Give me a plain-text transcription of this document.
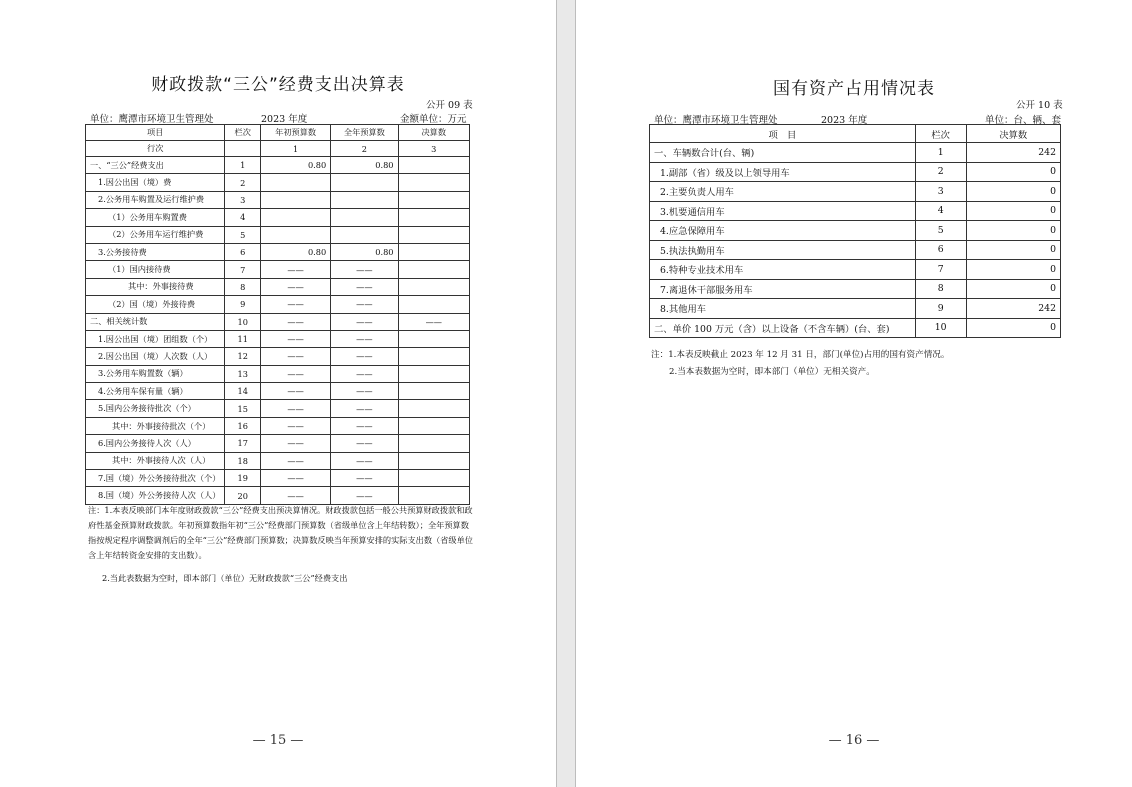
财政拨款“三公”经费支出决算表
公开 09 表
单位：鹰潭市环境卫生管理处	2023 年度	金额单位：万元
项目	栏次	年初预算数	全年预算数	决算数
行次		1	2	3
一、“三公”经费支出	1	0.80	0.80	
1.因公出国（境）费	2			
2.公务用车购置及运行维护费	3			
（1）公务用车购置费	4			
（2）公务用车运行维护费	5			
3.公务接待费	6	0.80	0.80	
（1）国内接待费	7	——	——	
其中：外事接待费	8	——	——	
（2）国（境）外接待费	9	——	——	
二、相关统计数	10	——	——	——
1.因公出国（境）团组数（个）	11	——	——	
2.因公出国（境）人次数（人）	12	——	——	
3.公务用车购置数（辆）	13	——	——	
4.公务用车保有量（辆）	14	——	——	
5.国内公务接待批次（个）	15	——	——	
其中：外事接待批次（个）	16	——	——	
6.国内公务接待人次（人）	17	——	——	
其中：外事接待人次（人）	18	——	——	
7.国（境）外公务接待批次（个）	19	——	——	
8.国（境）外公务接待人次（人）	20	——	——	
注：1.本表反映部门本年度财政拨款“三公”经费支出预决算情况。财政拨款包括一般公共预算财政拨款和政
府性基金预算财政拨款。年初预算数指年初“三公”经费部门预算数（省级单位含上年结转数）；全年预算数
指按规定程序调整调剂后的全年“三公”经费部门预算数；决算数反映当年预算安排的实际支出数（省级单位
含上年结转资金安排的支出数）。
2.当此表数据为空时，即本部门（单位）无财政拨款“三公”经费支出
— 15 —
国有资产占用情况表
公开 10 表
单位：鹰潭市环境卫生管理处	2023 年度	单位：台、辆、套
项　目	栏次	决算数
一、车辆数合计(台、辆)	1	242
1.副部（省）级及以上领导用车	2	0
2.主要负责人用车	3	0
3.机要通信用车	4	0
4.应急保障用车	5	0
5.执法执勤用车	6	0
6.特种专业技术用车	7	0
7.离退休干部服务用车	8	0
8.其他用车	9	242
二、单价 100 万元（含）以上设备（不含车辆）(台、套)	10	0
注：1.本表反映截止 2023 年 12 月 31 日，部门(单位)占用的国有资产情况。
2.当本表数据为空时，即本部门（单位）无相关资产。
— 16 —
